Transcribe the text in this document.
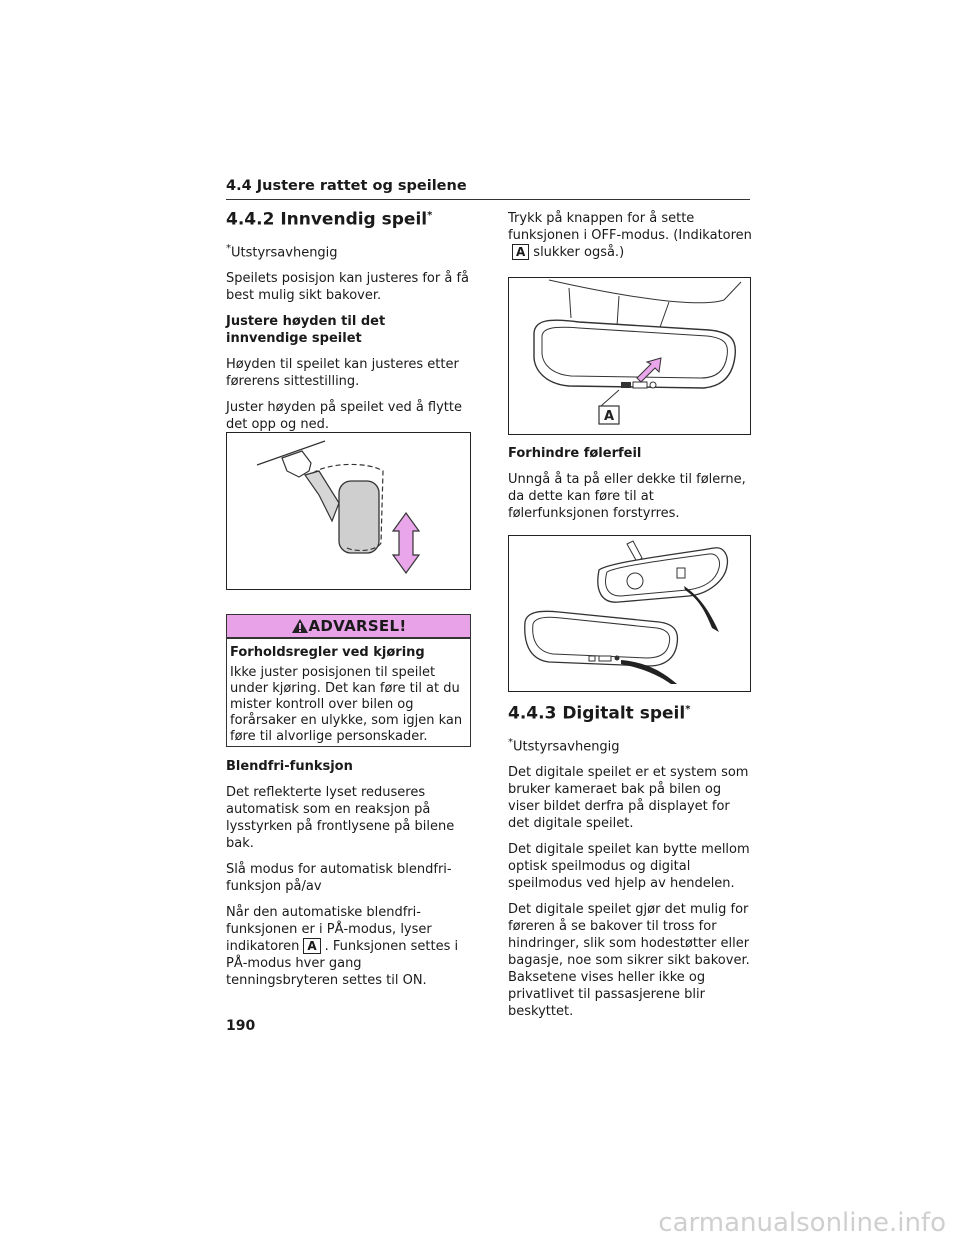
4.4 Justere rattet og speilene
4.4.2 Innvendig speil*

*Utstyrsavhengig

Speilets posisjon kan justeres for å få best mulig sikt bakover.

Justere høyden til det innvendige speilet

Høyden til speilet kan justeres etter førerens sittestilling.

Juster høyden på speilet ved å flytte det opp og ned.

ADVARSEL!

Forholdsregler ved kjøring

Ikke juster posisjonen til speilet under kjøring. Det kan føre til at du mister kontroll over bilen og forårsaker en ulykke, som igjen kan føre til alvorlige personskader.

Blendfri-funksjon

Det reflekterte lyset reduseres automatisk som en reaksjon på lysstyrken på frontlysene på bilene bak.

Slå modus for automatisk blendfri-funksjon på/av

Når den automatiske blendfri-funksjonen er i PÅ-modus, lyser indikatoren A . Funksjonen settes i PÅ-modus hver gang tenningsbryteren settes til ON.

Trykk på knappen for å sette funksjonen i OFF-modus. (IndikatorenA slukker også.)

A

Forhindre følerfeil

Unngå å ta på eller dekke til følerne, da dette kan føre til at følerfunksjonen forstyrres.

4.4.3 Digitalt speil*

*Utstyrsavhengig

Det digitale speilet er et system som bruker kameraet bak på bilen og viser bildet derfra på displayet for det digitale speilet.

Det digitale speilet kan bytte mellom optisk speilmodus og digital speilmodus ved hjelp av hendelen.

Det digitale speilet gjør det mulig for føreren å se bakover til tross for hindringer, slik som hodestøtter eller bagasje, noe som sikrer sikt bakover. Baksetene vises heller ikke og privatlivet til passasjerene blir beskyttet.

190
carmanualsonline.info
